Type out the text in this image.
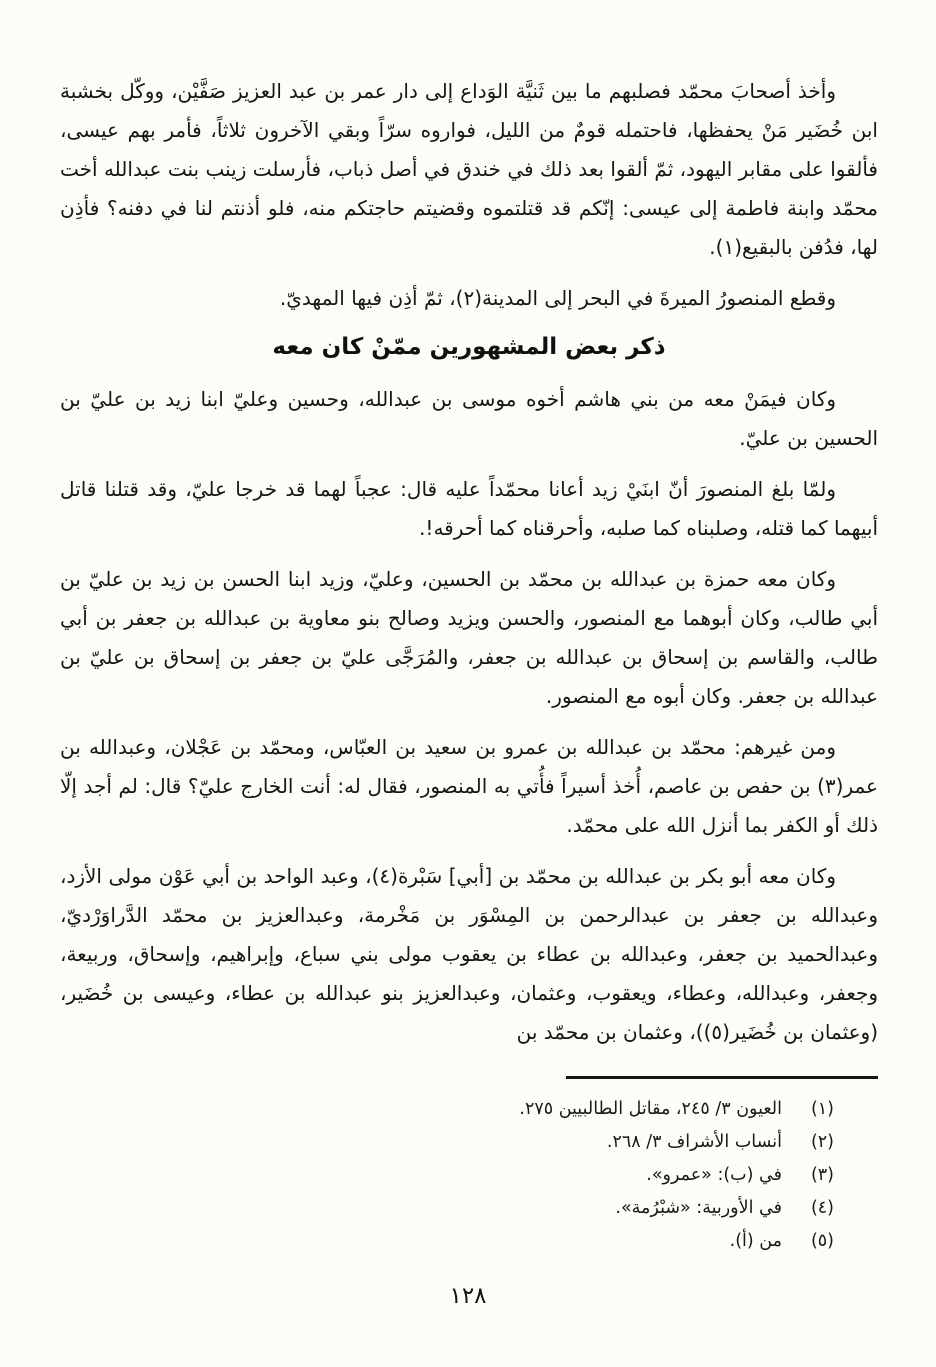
وأخذ أصحابَ محمّد فصلبهم ما بين ثَنيَّة الوَداع إلى دار عمر بن عبد العزيز صَفَّيْن، ووكّل بخشبة ابن خُضَير مَنْ يحفظها، فاحتمله قومٌ من الليل، فواروه سرّاً وبقي الآخرون ثلاثاً، فأمر بهم عيسى، فألقوا على مقابر اليهود، ثمّ ألقوا بعد ذلك في خندق في أصل ذباب، فأرسلت زينب بنت عبدالله أخت محمّد وابنة فاطمة إلى عيسى: إنّكم قد قتلتموه وقضيتم حاجتكم منه، فلو أذنتم لنا في دفنه؟ فأذِن لها، فدُفن بالبقيع(١).

وقطع المنصورُ الميرةَ في البحر إلى المدينة(٢)، ثمّ أذِن فيها المهديّ.

ذكر بعض المشهورين ممّنْ كان معه

وكان فيمَنْ معه من بني هاشم أخوه موسى بن عبدالله، وحسين وعليّ ابنا زيد بن عليّ بن الحسين بن عليّ.

ولمّا بلغ المنصورَ أنّ ابنَيْ زيد أعانا محمّداً عليه قال: عجباً لهما قد خرجا عليّ، وقد قتلنا قاتل أبيهما كما قتله، وصلبناه كما صلبه، وأحرقناه كما أحرقه!.

وكان معه حمزة بن عبدالله بن محمّد بن الحسين، وعليّ، وزيد ابنا الحسن بن زيد بن عليّ بن أبي طالب، وكان أبوهما مع المنصور، والحسن ويزيد وصالح بنو معاوية بن عبدالله بن جعفر بن أبي طالب، والقاسم بن إسحاق بن عبدالله بن جعفر، والمُرَجَّى عليّ بن جعفر بن إسحاق بن عليّ بن عبدالله بن جعفر. وكان أبوه مع المنصور.

ومن غيرهم: محمّد بن عبدالله بن عمرو بن سعيد بن العبّاس، ومحمّد بن عَجْلان، وعبدالله بن عمر(٣) بن حفص بن عاصم، أُخذ أسيراً فأُتي به المنصور، فقال له: أنت الخارج عليّ؟ قال: لم أجد إلّا ذلك أو الكفر بما أنزل الله على محمّد.

وكان معه أبو بكر بن عبدالله بن محمّد بن [أبي] سَبْرة(٤)، وعبد الواحد بن أبي عَوْن مولى الأزد، وعبدالله بن جعفر بن عبدالرحمن بن المِسْوَر بن مَخْرمة، وعبدالعزيز بن محمّد الدَّراوَرْديّ، وعبدالحميد بن جعفر، وعبدالله بن عطاء بن يعقوب مولى بني سباع، وإبراهيم، وإسحاق، وربيعة، وجعفر، وعبدالله، وعطاء، ويعقوب، وعثمان، وعبدالعزيز بنو عبدالله بن عطاء، وعيسى بن خُضَير، (وعثمان بن خُضَير(٥))، وعثمان بن محمّد بن

(١)
العيون ٣/ ٢٤٥، مقاتل الطالبيين ٢٧٥.
(٢)
أنساب الأشراف ٣/ ٢٦٨.
(٣)
في (ب): «عمرو».
(٤)
في الأوربية: «شبْرُمة».
(٥)
من (أ).
١٢٨
